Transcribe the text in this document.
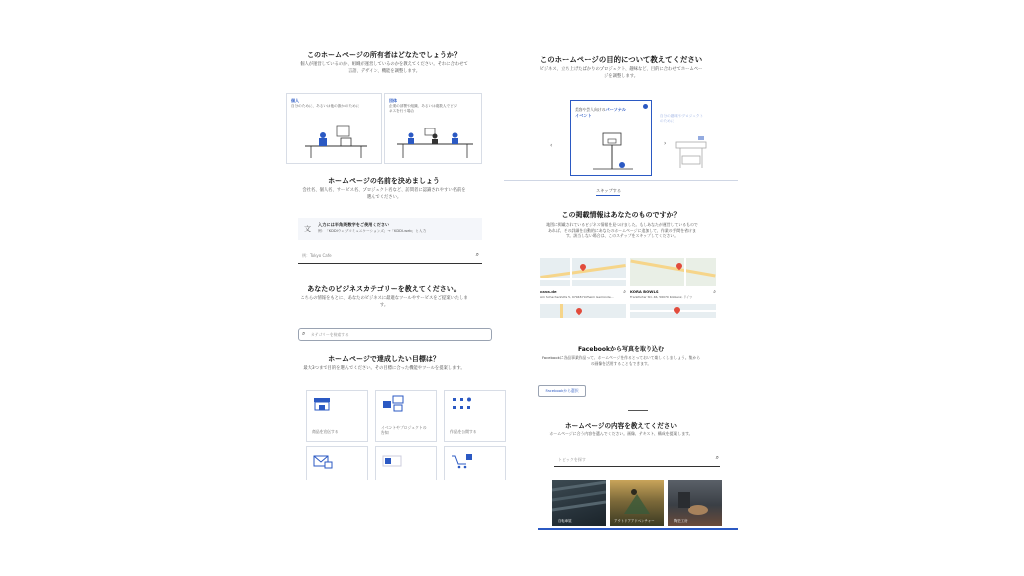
このホームページの所有者はどなたでしょうか？
個人が運営しているのか、組織が運営しているのかを教えてください。それに合わせて
言語、デザイン、機能を調整します。
個人
自分のために、あるいは他の誰かのために
団体
企業の部署や組織、あるいは複数人でビジ
ネスを行う場合
ホームページの名前を決めましょう
会社名、個人名、サービス名、プロジェクト名など、訪問者に認識されやすい名前を
選んでください。
文
入力には半角英数字をご使用ください
例：「KDDIウェブコミュニケーションズ」→「KDDI-web」と入力
例：Tokyo Cafe	⌕
あなたのビジネスカテゴリーを教えてください。
こちらの情報をもとに、あなたのビジネスに最適なツールやサービスをご提案いたしま
す。
⌕ カテゴリーを検索する
ホームページで達成したい目標は？
最大3つまで目的を選んでください。その目標に合った機能やツールを提案します。
商品を宣伝する
イベントやプロジェクトの
告知	作品を公開する
このホームページの目的について教えてください
ビジネス、立ち上げたばかりのプロジェクト、趣味など、目的に合わせてホームペー
ジを調整します。
‹
美容や芸人向けのパーソナル
イベント	自分の趣味やプロジェクト
のために
›
スキップする
この掲載情報はあなたのものですか？
地図に掲載されているビジネス情報を見つけました。もしあなたが運営しているもので
あれば、その詳細を自動的にあなたのホームページに追加して、作業の手間を省けま
す。該当しない場合は、このステップをスキップしてください。
cava.de
Am Schachenhöfe 5, 97948 Hofheim Gemünde...
⌕ KORA BOWLS
Frankfurter Str. 46, 56070 Koblenz, ドイツ
⌕
Facebookから写真を取り込む
Facebookに各品事業作品って、ホームページを作るとっておいて楽しくしましょう。集から
の画像を活用することもできます。
Facebookから選択
ホームページの内容を教えてください
ホームページに合う内容を選んでください。画像、テキスト、構成を提案します。
トピックを探す	⌕
自転車屋	アウトドアアドベンチャー	陶芸工房
